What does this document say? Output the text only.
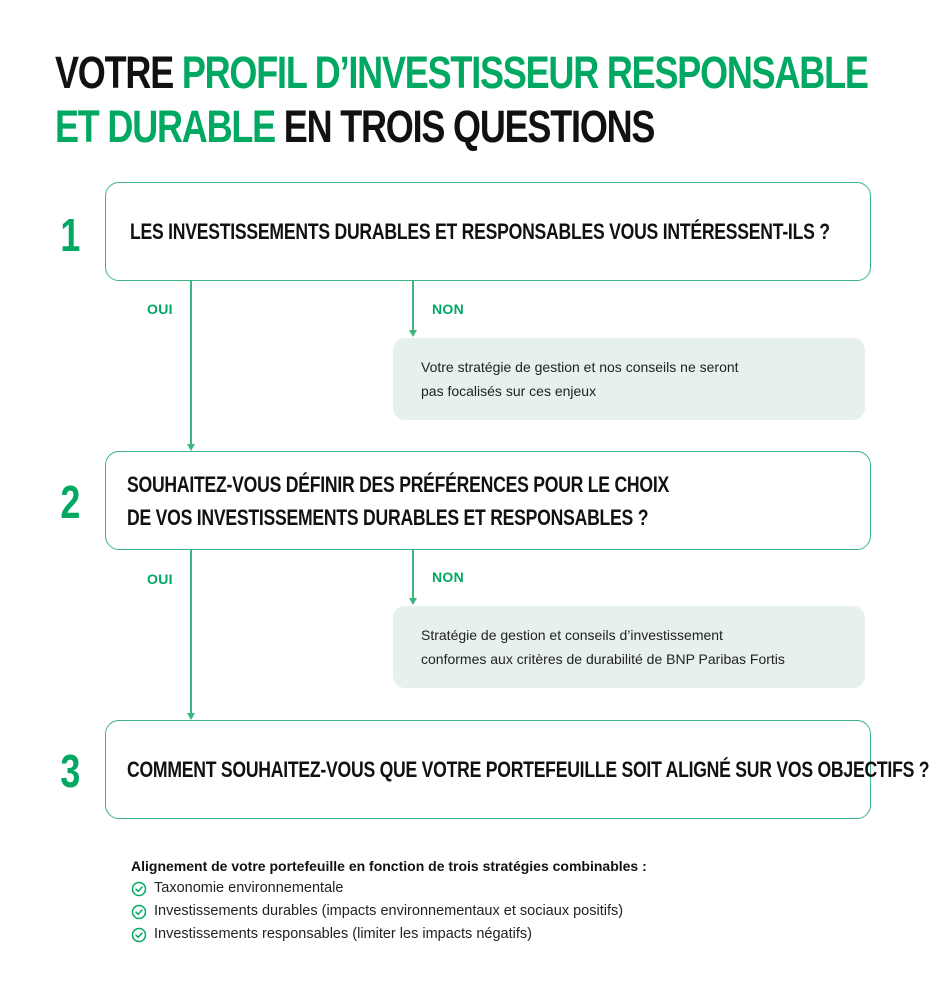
VOTRE PROFIL D’INVESTISSEUR RESPONSABLE
ET DURABLE EN TROIS QUESTIONS
1 LES INVESTISSEMENTS DURABLES ET RESPONSABLES VOUS INTÉRESSENT-ILS ?
OUI	NON
Votre stratégie de gestion et nos conseils ne seront
pas focalisés sur ces enjeux
2 SOUHAITEZ-VOUS DÉFINIR DES PRÉFÉRENCES POUR LE CHOIX
DE VOS INVESTISSEMENTS DURABLES ET RESPONSABLES ?
OUI	NON
Stratégie de gestion et conseils d’investissement
conformes aux critères de durabilité de BNP Paribas Fortis
3 COMMENT SOUHAITEZ-VOUS QUE VOTRE PORTEFEUILLE SOIT ALIGNÉ SUR VOS OBJECTIFS ?
Alignement de votre portefeuille en fonction de trois stratégies combinables :
Taxonomie environnementale
Investissements durables (impacts environnementaux et sociaux positifs)
Investissements responsables (limiter les impacts négatifs)
